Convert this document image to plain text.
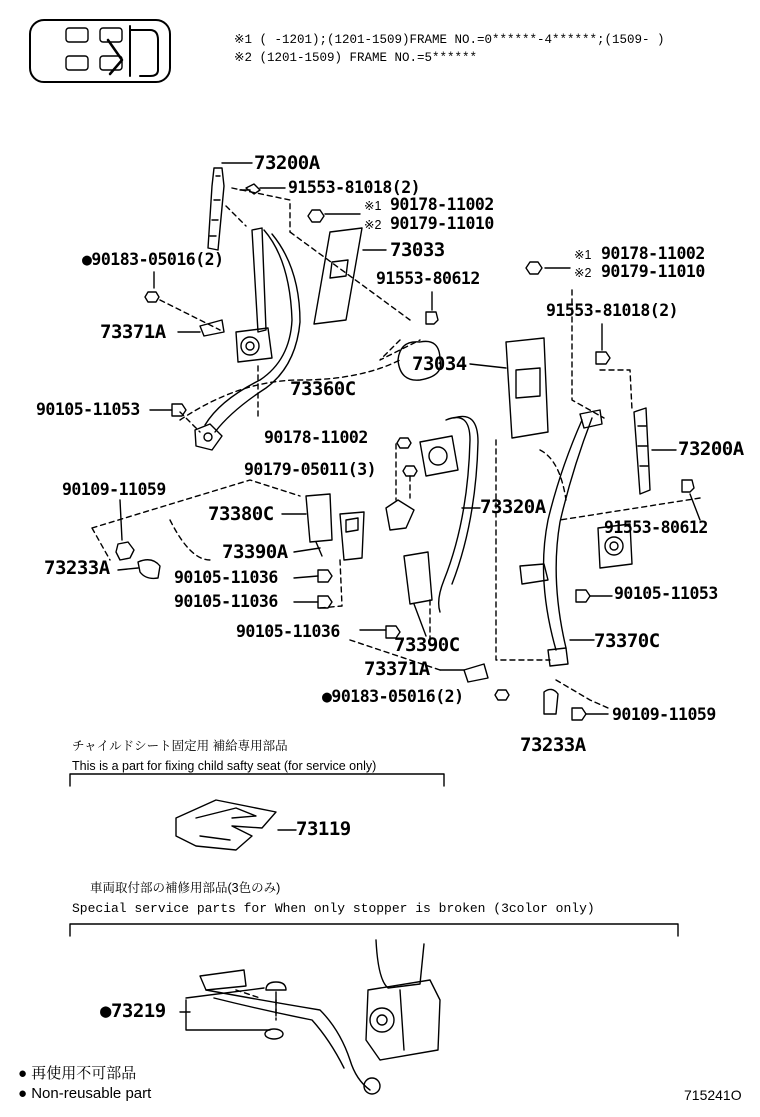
※1 ( -1201);(1201-1509)FRAME NO.=0******-4******;(1509- )
※2 (1201-1509) FRAME NO.=5******
73200A
91553-81018(2)
※1 90178-11002
※2 90179-11010
●90183-05016(2)	73033
91553-80612
※1 90178-11002
※2 90179-11010
91553-81018(2)
73371A
73034
73360C
90105-11053
90178-11002
73200A
90179-05011(3)
90109-11059
73380C	73320A
91553-80612
73390A
73233A	90105-11036
90105-11036	90105-11053
90105-11036
73390C	73370C
73371A
●90183-05016(2)
90109-11059
73233A
チャイルドシート固定用 補給専用部品
This is a part for fixing child safty seat (for service only)
73119
車両取付部の補修用部品(3色のみ)
Special service parts for When only stopper is broken (3color only)
●73219
● 再使用不可部品
● Non-reusable part	715241O
